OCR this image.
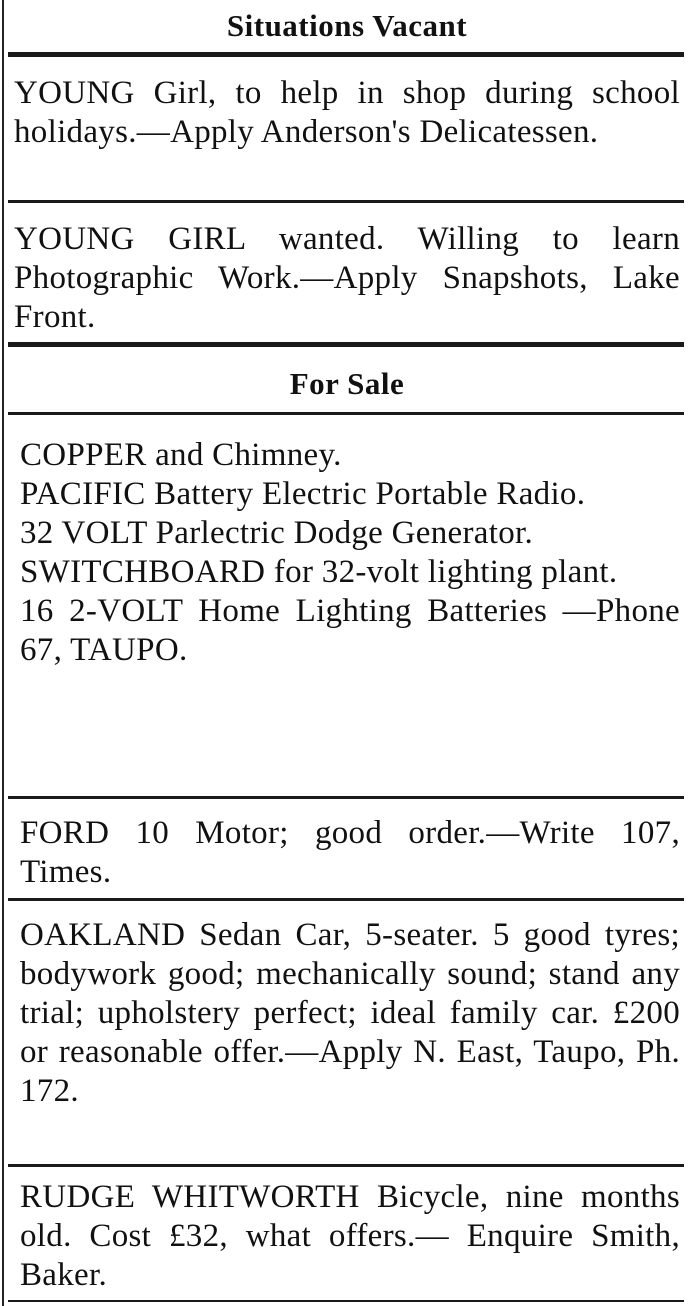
Situations Vacant

YOUNG Girl, to help in shop during school holidays.—Apply Anderson's Delicatessen.

YOUNG GIRL wanted. Willing to learn Photographic Work.—Apply Snapshots, Lake Front.

For Sale

COPPER and Chimney.

PACIFIC Battery Electric Portable Radio.

32 VOLT Parlectric Dodge Generator.

SWITCHBOARD for 32-volt lighting plant.

16 2-VOLT Home Lighting Batteries —Phone 67, TAUPO.

FORD 10 Motor; good order.—Write 107, Times.

OAKLAND Sedan Car, 5-seater. 5 good tyres; bodywork good; mechanically sound; stand any trial; upholstery perfect; ideal family car. £200 or reasonable offer.—Apply N. East, Taupo, Ph. 172.

RUDGE WHITWORTH Bicycle, nine months old. Cost £32, what offers.— Enquire Smith, Baker.
